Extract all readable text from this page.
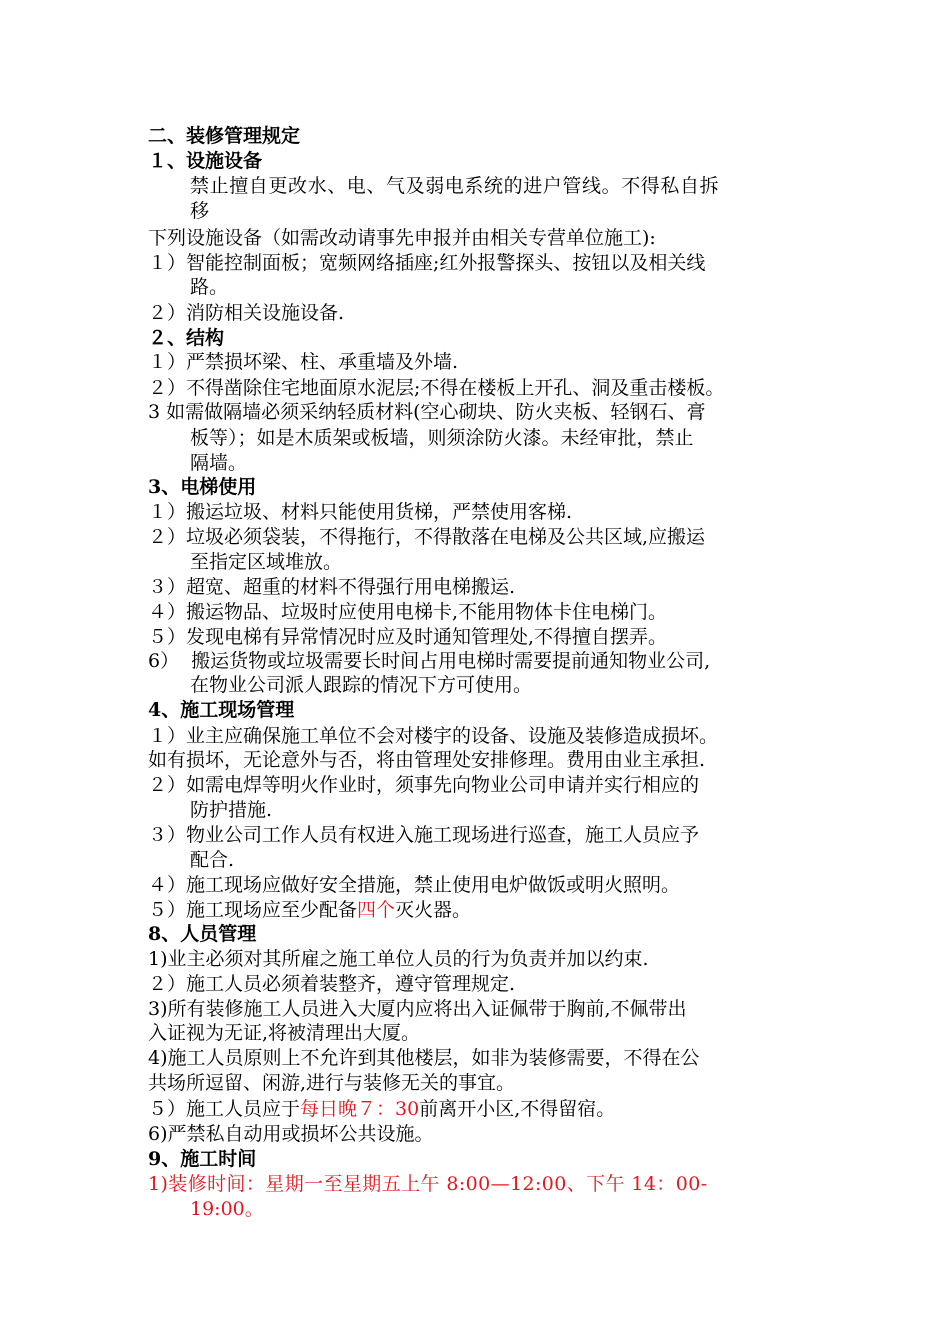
二、装修管理规定
１、设施设备
禁止擅自更改水、电、气及弱电系统的进户管线。不得私自拆
移
下列设施设备（如需改动请事先申报并由相关专营单位施工):
１）智能控制面板；宽频网络插座;红外报警探头、按钮以及相关线
路。
２）消防相关设施设备.
２、结构
１）严禁损坏梁、柱、承重墙及外墙.
２）不得凿除住宅地面原水泥层;不得在楼板上开孔、洞及重击楼板。
3 如需做隔墙必须采纳轻质材料(空心砌块、防火夹板、轻钢石、膏
板等）；如是木质架或板墙，则须涂防火漆。未经审批，禁止
隔墙。
3、电梯使用
１）搬运垃圾、材料只能使用货梯，严禁使用客梯.
２）垃圾必须袋装，不得拖行，不得散落在电梯及公共区域,应搬运
至指定区域堆放。
３）超宽、超重的材料不得强行用电梯搬运.
４）搬运物品、垃圾时应使用电梯卡,不能用物体卡住电梯门。
５）发现电梯有异常情况时应及时通知管理处,不得擅自摆弄。
6）  搬运货物或垃圾需要长时间占用电梯时需要提前通知物业公司,
在物业公司派人跟踪的情况下方可使用。
4、施工现场管理
１）业主应确保施工单位不会对楼宇的设备、设施及装修造成损坏。
如有损坏，无论意外与否，将由管理处安排修理。费用由业主承担.
２）如需电焊等明火作业时，须事先向物业公司申请并实行相应的
防护措施.
３）物业公司工作人员有权进入施工现场进行巡查，施工人员应予
配合.
４）施工现场应做好安全措施，禁止使用电炉做饭或明火照明。
５）施工现场应至少配备四个灭火器。
8、人员管理
1)业主必须对其所雇之施工单位人员的行为负责并加以约束.
２）施工人员必须着装整齐，遵守管理规定.
3)所有装修施工人员进入大厦内应将出入证佩带于胸前,不佩带出
入证视为无证,将被清理出大厦。
4)施工人员原则上不允许到其他楼层，如非为装修需要，不得在公
共场所逗留、闲游,进行与装修无关的事宜。
５）施工人员应于每日晚７：30前离开小区,不得留宿。
6)严禁私自动用或损坏公共设施。
9、施工时间
1)装修时间：星期一至星期五上午 8:00—12:00、下午 14：00-
19:00。
